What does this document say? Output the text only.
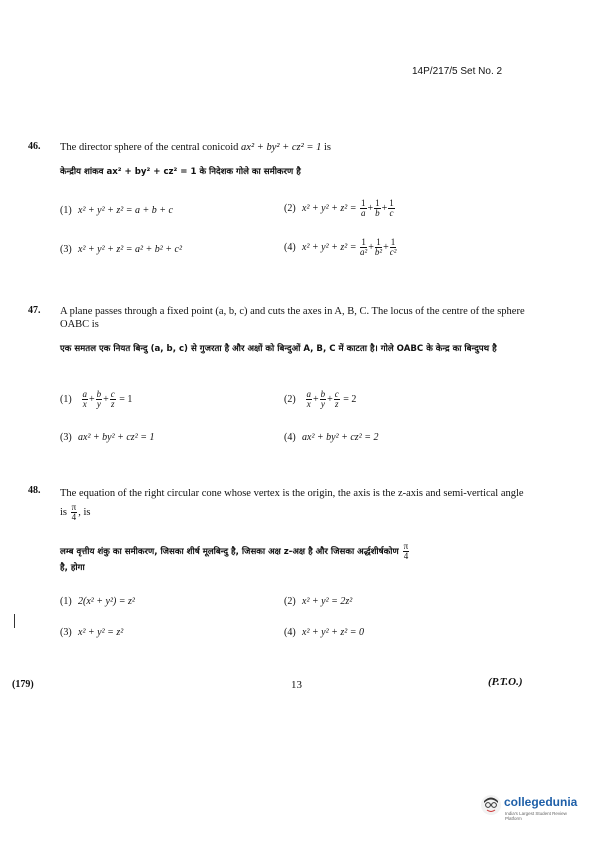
14P/217/5 Set No. 2
46. The director sphere of the central conicoid ax² + by² + cz² = 1 is
केन्द्रीय शांकव ax² + by² + cz² = 1 के निदेशक गोले का समीकरण है
(1) x² + y² + z² = a + b + c	(2) $x^2 + y^2 + z^2 = \frac{1}{a} + \frac{1}{b} + \frac{1}{c}$
(3) x² + y² + z² = a² + b² + c²	(4) $x^2 + y^2 + z^2 = \frac{1}{\text{a²}} + \frac{1}{\text{b²}} + \frac{1}{\text{c²}}$
47. A plane passes through a fixed point (a, b, c) and cuts the axes in A, B, C. The locus of the centre of the sphere OABC is
एक समतल एक नियत बिन्दु (a, b, c) से गुजरता है और अक्षों को बिन्दुओं A, B, C में काटता है। गोले OABC के केन्द्र का बिन्दुपथ है
$(1) \frac{a}{x} + \frac{b}{y} + \frac{c}{z} = 1$	$(2) \frac{a}{x} + \frac{b}{y} + \frac{c}{z} = 2$
(3) ax² + by² + cz² = 1	(4) ax² + by² + cz² = 2
48. The equation of the right circular cone whose vertex is the origin, the axis is the z-axis and semi-vertical angle is $\frac{\pi}{4}$ , is
लम्ब वृत्तीय शंकु का समीकरण, जिसका शीर्ष मूलबिन्दु है, जिसका अक्ष z-अक्ष है और जिसका अर्द्धशीर्षकोण $\frac{\pi}{4}$

है, होगा
(1) 2(x² + y²) = z²	(2) x² + y² = 2z²
(3) x² + y² = z²	(4) x² + y² + z² = 0
(179)	13	(P.T.O.)
collegedunia
India's Largest Student Review Platform
